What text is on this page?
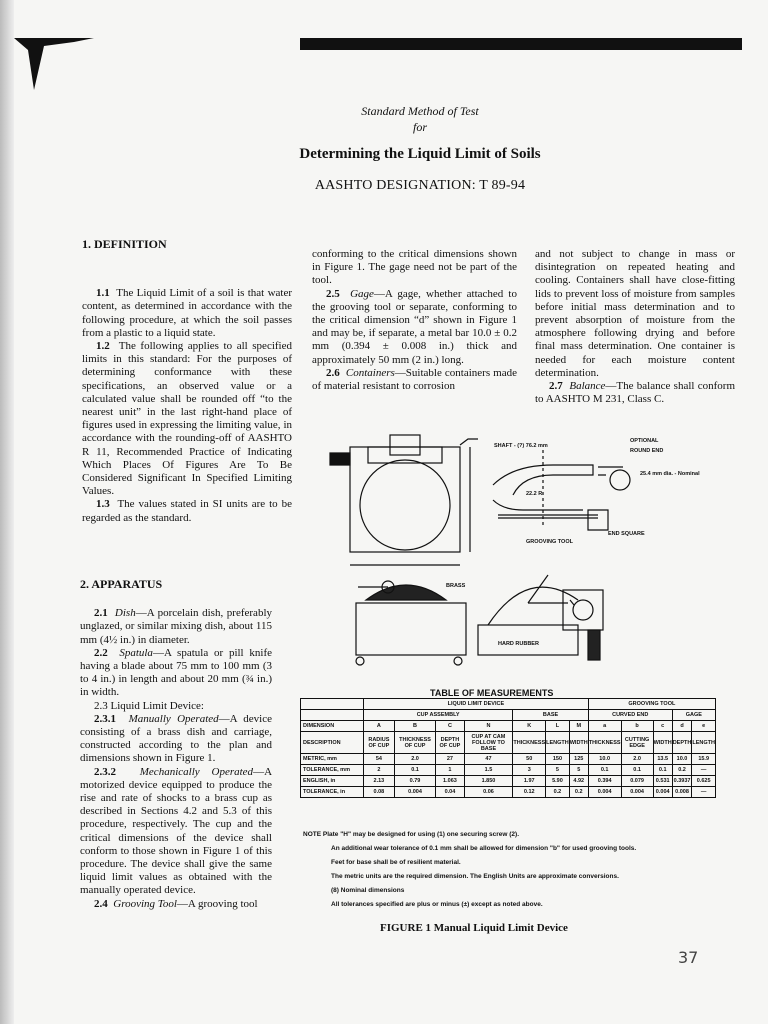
Standard Method of Test
for
Determining the Liquid Limit of Soils
AASHTO DESIGNATION: T 89-94

1. DEFINITION

1.1 The Liquid Limit of a soil is that water content, as determined in accordance with the following procedure, at which the soil passes from a plastic to a liquid state.

1.2 The following applies to all specified limits in this standard: For the purposes of determining conformance with these specifications, an observed value or a calculated value shall be rounded off “to the nearest unit” in the last right-hand place of figures used in expressing the limiting value, in accordance with the rounding-off of AASHTO R 11, Recommended Practice of Indicating Which Places Of Figures Are To Be Considered Significant In Specified Limiting Values.

1.3 The values stated in SI units are to be regarded as the standard.

2. APPARATUS

2.1 Dish—A porcelain dish, preferably unglazed, or similar mixing dish, about 115 mm (4½ in.) in diameter.

2.2 Spatula—A spatula or pill knife having a blade about 75 mm to 100 mm (3 to 4 in.) in length and about 20 mm (¾ in.) in width.

2.3 Liquid Limit Device:

2.3.1 Manually Operated—A device consisting of a brass dish and carriage, constructed according to the plan and dimensions shown in Figure 1.

2.3.2 Mechanically Operated—A motorized device equipped to produce the rise and rate of shocks to a brass cup as described in Sections 4.2 and 5.3 of this procedure, respectively. The cup and the critical dimensions of the device shall conform to those shown in Figure 1 of this procedure. The device shall give the same liquid limit values as obtained with the manually operated device.

2.4 Grooving Tool—A grooving tool

conforming to the critical dimensions shown in Figure 1. The gage need not be part of the tool.

2.5 Gage—A gage, whether attached to the grooving tool or separate, conforming to the critical dimension “d” shown in Figure 1 and may be, if separate, a metal bar 10.0 ± 0.2 mm (0.394 ± 0.008 in.) thick and approximately 50 mm (2 in.) long.

2.6 Containers—Suitable containers made of material resistant to corrosion

and not subject to change in mass or disintegration on repeated heating and cooling. Containers shall have close-fitting lids to prevent loss of moisture from samples before initial mass determination and to prevent absorption of moisture from the atmosphere following drying and before final mass determination. One container is needed for each moisture content determination.

2.7 Balance—The balance shall conform to AASHTO M 231, Class C.

SHAFT - (?) 76.2 mm
OPTIONAL
ROUND END
25.4 mm dia. - Nominal
22.2 R
GROOVING TOOL
END SQUARE
BRASS
HARD RUBBER
TABLE OF MEASUREMENTS
	LIQUID LIMIT DEVICE							GROOVING TOOL				
	CUP ASSEMBLY				BASE			CURVED END			GAGE	
DIMENSION	A	B	C	N	K	L	M	a	b	c	d	e
DESCRIPTION	RADIUS OF CUP	THICKNESS OF CUP	DEPTH OF CUP	CUP AT CAM FOLLOW TO BASE	THICKNESS	LENGTH	WIDTH	THICKNESS	CUTTING EDGE	WIDTH	DEPTH	LENGTH
METRIC, mm	54	2.0	27	47	50	150	125	10.0	2.0	13.5	10.0	15.9
TOLERANCE, mm	2	0.1	1	1.5	3	5	5	0.1	0.1	0.1	0.2	—
ENGLISH, in	2.13	0.79	1.063	1.850	1.97	5.90	4.92	0.394	0.079	0.531	0.3937	0.625
TOLERANCE, in	0.08	0.004	0.04	0.06	0.12	0.2	0.2	0.004	0.004	0.004	0.008	—
NOTE Plate "H" may be designed for using (1) one securing screw (2).
An additional wear tolerance of 0.1 mm shall be allowed for dimension "b" for used grooving tools.
Feet for base shall be of resilient material.
The metric units are the required dimension. The English Units are approximate conversions.
(8) Nominal dimensions
All tolerances specified are plus or minus (±) except as noted above.
FIGURE 1 Manual Liquid Limit Device
37
